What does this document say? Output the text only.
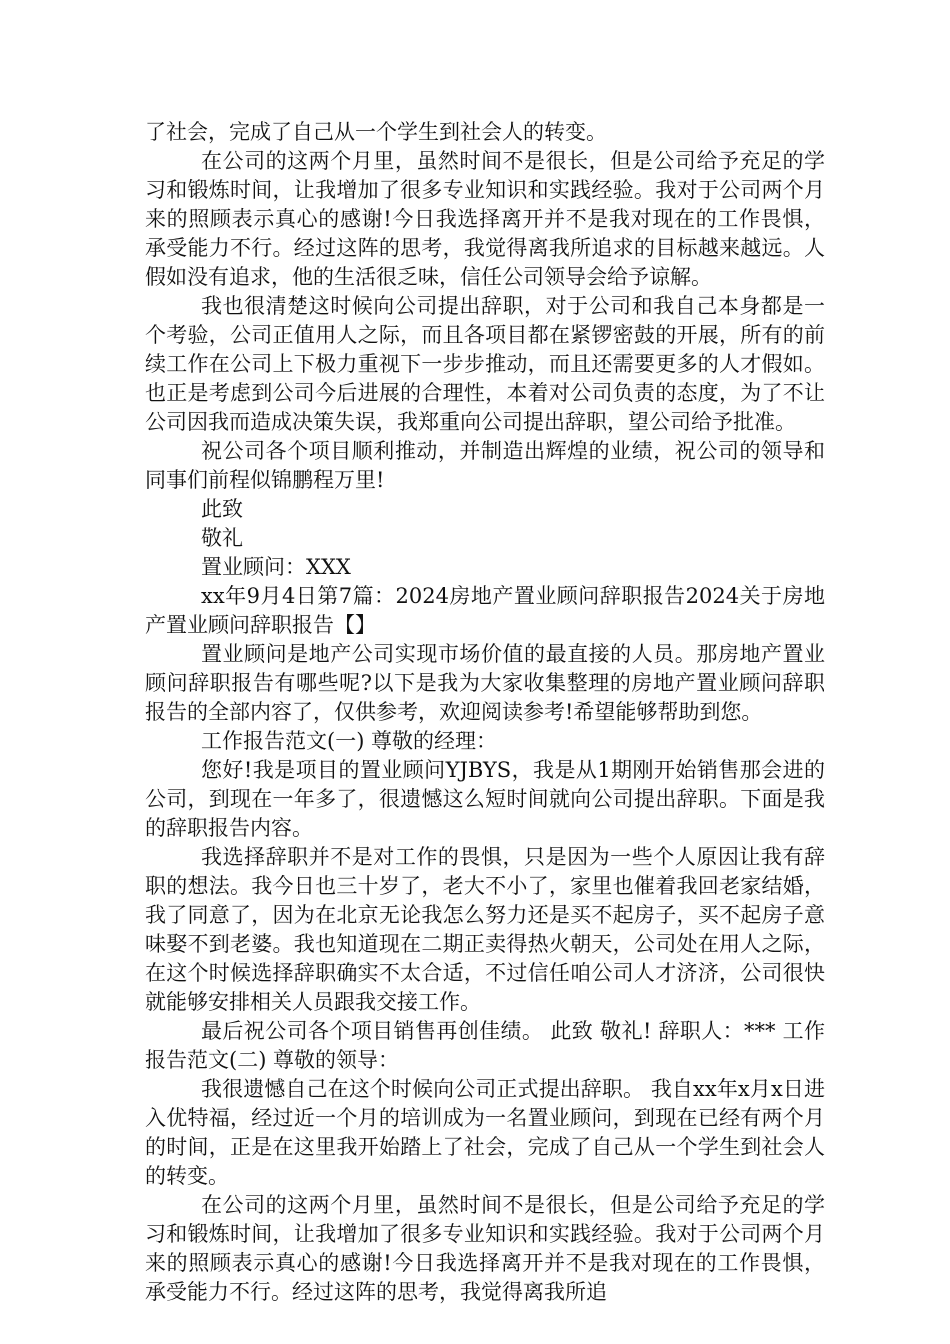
了社会，完成了自己从一个学生到社会人的转变。

在公司的这两个月里，虽然时间不是很长，但是公司给予充足的学习和锻炼时间，让我增加了很多专业知识和实践经验。我对于公司两个月来的照顾表示真心的感谢!今日我选择离开并不是我对现在的工作畏惧，承受能力不行。经过这阵的思考，我觉得离我所追求的目标越来越远。人假如没有追求，他的生活很乏味，信任公司领导会给予谅解。

我也很清楚这时候向公司提出辞职，对于公司和我自己本身都是一个考验，公司正值用人之际，而且各项目都在紧锣密鼓的开展，所有的前续工作在公司上下极力重视下一步步推动，而且还需要更多的人才假如。也正是考虑到公司今后进展的合理性，本着对公司负责的态度，为了不让公司因我而造成决策失误，我郑重向公司提出辞职，望公司给予批准。

祝公司各个项目顺利推动，并制造出辉煌的业绩，祝公司的领导和同事们前程似锦鹏程万里!

此致

敬礼

置业顾问：XXX

xx年9月4日第7篇：2024房地产置业顾问辞职报告2024关于房地产置业顾问辞职报告【】

置业顾问是地产公司实现市场价值的最直接的人员。那房地产置业顾问辞职报告有哪些呢?以下是我为大家收集整理的房地产置业顾问辞职报告的全部内容了，仅供参考，欢迎阅读参考!希望能够帮助到您。

工作报告范文(一) 尊敬的经理：

您好!我是项目的置业顾问YJBYS，我是从1期刚开始销售那会进的公司，到现在一年多了，很遗憾这么短时间就向公司提出辞职。下面是我的辞职报告内容。

我选择辞职并不是对工作的畏惧，只是因为一些个人原因让我有辞职的想法。我今日也三十岁了，老大不小了，家里也催着我回老家结婚，我了同意了，因为在北京无论我怎么努力还是买不起房子，买不起房子意味娶不到老婆。我也知道现在二期正卖得热火朝天，公司处在用人之际，在这个时候选择辞职确实不太合适，不过信任咱公司人才济济，公司很快就能够安排相关人员跟我交接工作。

最后祝公司各个项目销售再创佳绩。 此致 敬礼! 辞职人：*** 工作报告范文(二) 尊敬的领导：

我很遗憾自己在这个时候向公司正式提出辞职。 我自xx年x月x日进入优特福，经过近一个月的培训成为一名置业顾问，到现在已经有两个月的时间，正是在这里我开始踏上了社会，完成了自己从一个学生到社会人的转变。

在公司的这两个月里，虽然时间不是很长，但是公司给予充足的学习和锻炼时间，让我增加了很多专业知识和实践经验。我对于公司两个月来的照顾表示真心的感谢!今日我选择离开并不是我对现在的工作畏惧，承受能力不行。经过这阵的思考，我觉得离我所追
